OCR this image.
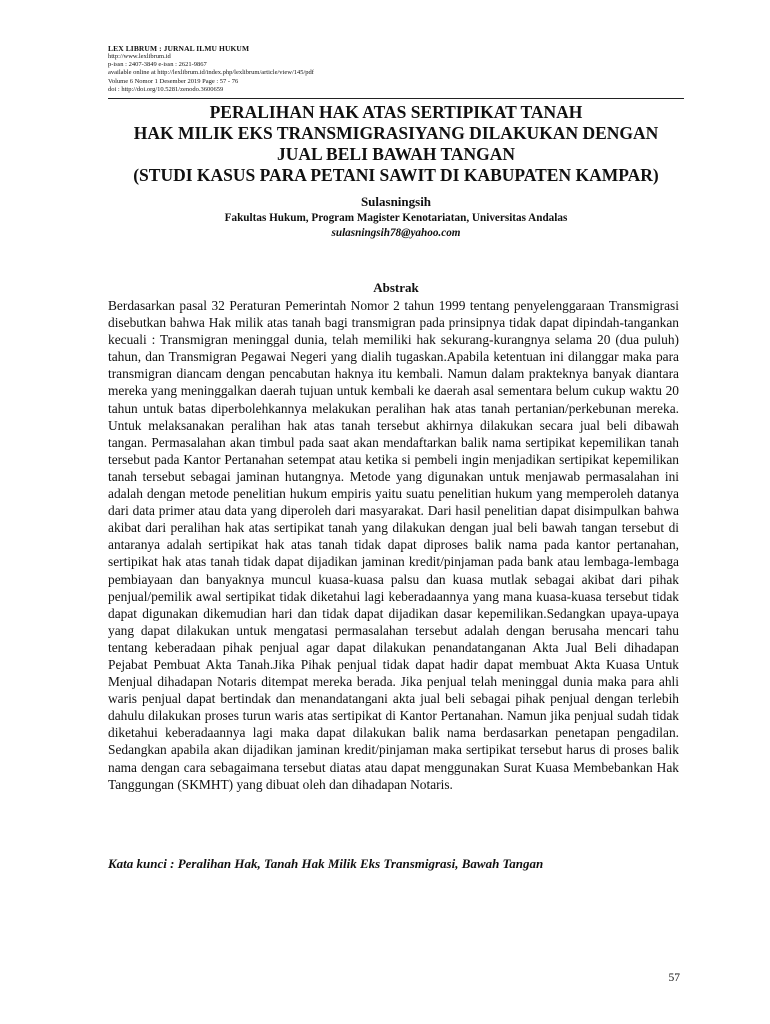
LEX LIBRUM : JURNAL ILMU HUKUM
http://www.lexlibrum.id
p-issn : 2407-3849 e-issn : 2621-9867
available online at http://lexlibrum.id/index.php/lexlibrum/article/view/145/pdf
Volume 6 Nomor 1 Desember 2019 Page : 57 - 76
doi : http://doi.org/10.5281/zenodo.3600659
PERALIHAN HAK ATAS SERTIPIKAT TANAH
HAK MILIK EKS TRANSMIGRASIYANG DILAKUKAN DENGAN
JUAL BELI BAWAH TANGAN
(STUDI KASUS PARA PETANI SAWIT DI KABUPATEN KAMPAR)
Sulasningsih
Fakultas Hukum, Program Magister Kenotariatan, Universitas Andalas
sulasningsih78@yahoo.com
Abstrak

Berdasarkan pasal 32 Peraturan Pemerintah Nomor 2 tahun 1999 tentang penyelenggaraan Transmigrasi disebutkan bahwa Hak milik atas tanah bagi transmigran pada prinsipnya tidak dapat dipindah-tangankan kecuali : Transmigran meninggal dunia, telah memiliki hak sekurang-kurangnya selama 20 (dua puluh) tahun, dan Transmigran Pegawai Negeri yang dialih tugaskan.Apabila ketentuan ini dilanggar maka para transmigran diancam dengan pencabutan haknya itu kembali. Namun dalam prakteknya banyak diantara mereka yang meninggalkan daerah tujuan untuk kembali ke daerah asal sementara belum cukup waktu 20 tahun untuk batas diperbolehkannya melakukan peralihan hak atas tanah pertanian/perkebunan mereka. Untuk melaksanakan peralihan hak atas tanah tersebut akhirnya dilakukan secara jual beli dibawah tangan. Permasalahan akan timbul pada saat akan mendaftarkan balik nama sertipikat kepemilikan tanah tersebut pada Kantor Pertanahan setempat atau ketika si pembeli ingin menjadikan sertipikat kepemilikan tanah tersebut sebagai jaminan hutangnya. Metode yang digunakan untuk menjawab permasalahan ini adalah dengan metode penelitian hukum empiris yaitu suatu penelitian hukum yang memperoleh datanya dari data primer atau data yang diperoleh dari masyarakat. Dari hasil penelitian dapat disimpulkan bahwa akibat dari peralihan hak atas sertipikat tanah yang dilakukan dengan jual beli bawah tangan tersebut di antaranya adalah sertipikat hak atas tanah tidak dapat diproses balik nama pada kantor pertanahan, sertipikat hak atas tanah tidak dapat dijadikan jaminan kredit/pinjaman pada bank atau lembaga-lembaga pembiayaan dan banyaknya muncul kuasa-kuasa palsu dan kuasa mutlak sebagai akibat dari pihak penjual/pemilik awal sertipikat tidak diketahui lagi keberadaannya yang mana kuasa-kuasa tersebut tidak dapat digunakan dikemudian hari dan tidak dapat dijadikan dasar kepemilikan.Sedangkan upaya-upaya yang dapat dilakukan untuk mengatasi permasalahan tersebut adalah dengan berusaha mencari tahu tentang keberadaan pihak penjual agar dapat dilakukan penandatanganan Akta Jual Beli dihadapan Pejabat Pembuat Akta Tanah.Jika Pihak penjual tidak dapat hadir dapat membuat Akta Kuasa Untuk Menjual dihadapan Notaris ditempat mereka berada. Jika penjual telah meninggal dunia maka para ahli waris penjual dapat bertindak dan menandatangani akta jual beli sebagai pihak penjual dengan terlebih dahulu dilakukan proses turun waris atas sertipikat di Kantor Pertanahan. Namun jika penjual sudah tidak diketahui keberadaannya lagi maka dapat dilakukan balik nama berdasarkan penetapan pengadilan. Sedangkan apabila akan dijadikan jaminan kredit/pinjaman maka sertipikat tersebut harus di proses balik nama dengan cara sebagaimana tersebut diatas atau dapat menggunakan Surat Kuasa Membebankan Hak Tanggungan (SKMHT) yang dibuat oleh dan dihadapan Notaris.

Kata kunci : Peralihan Hak, Tanah Hak Milik Eks Transmigrasi, Bawah Tangan
57
